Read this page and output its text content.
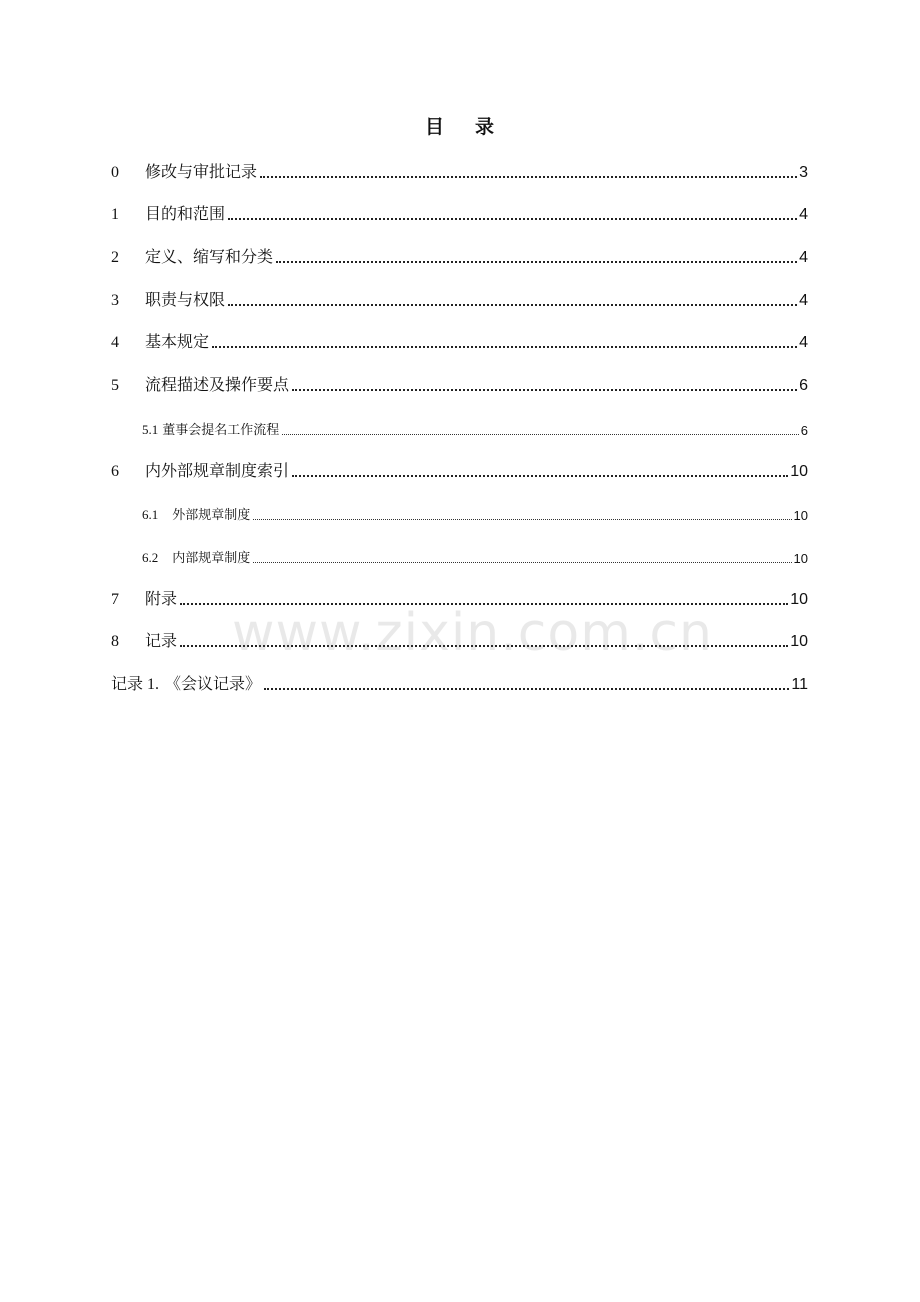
目 录
0	修改与审批记录	3
1	目的和范围	4
2	定义、缩写和分类	4
3	职责与权限	4
4	基本规定	4
5	流程描述及操作要点	6
5.1 董事会提名工作流程	6
6	内外部规章制度索引	10
6.1 外部规章制度	10
6.2 内部规章制度	10
7	附录	10
8	记录	10
记录 1. 《会议记录》	11
www.zixin.com.cn
